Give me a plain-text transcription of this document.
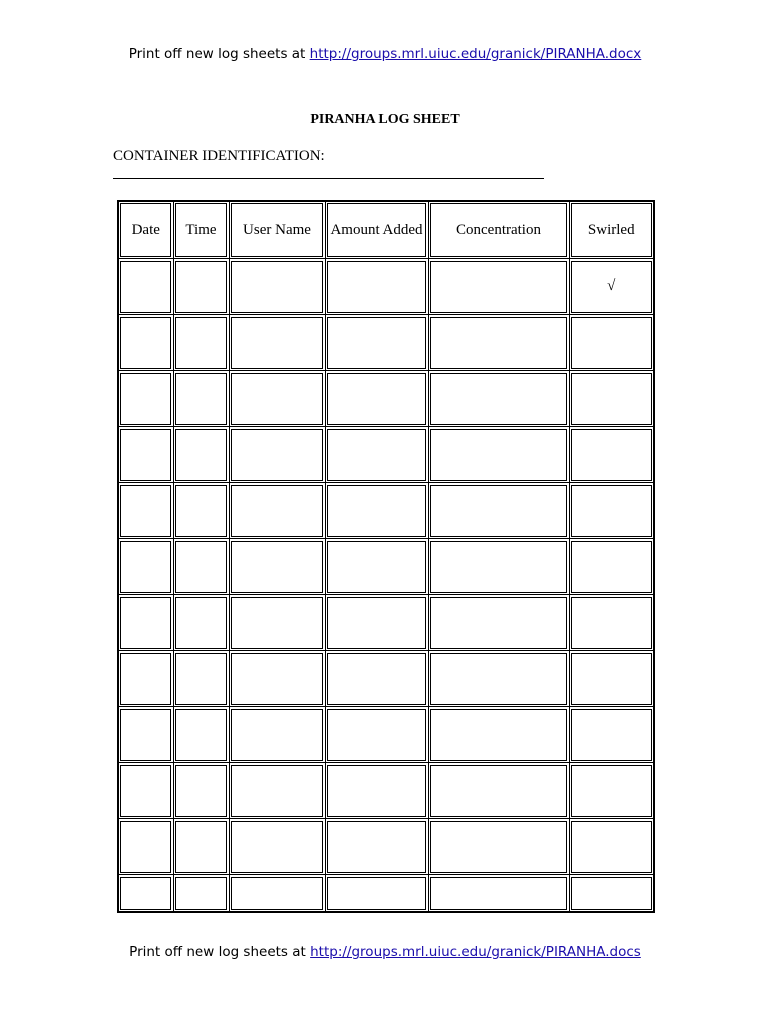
Print off new log sheets at http://groups.mrl.uiuc.edu/granick/PIRANHA.docx
PIRANHA LOG SHEET
CONTAINER IDENTIFICATION:
Date	Time	User Name	Amount Added	Concentration	Swirled
					√

Print off new log sheets at http://groups.mrl.uiuc.edu/granick/PIRANHA.docs
